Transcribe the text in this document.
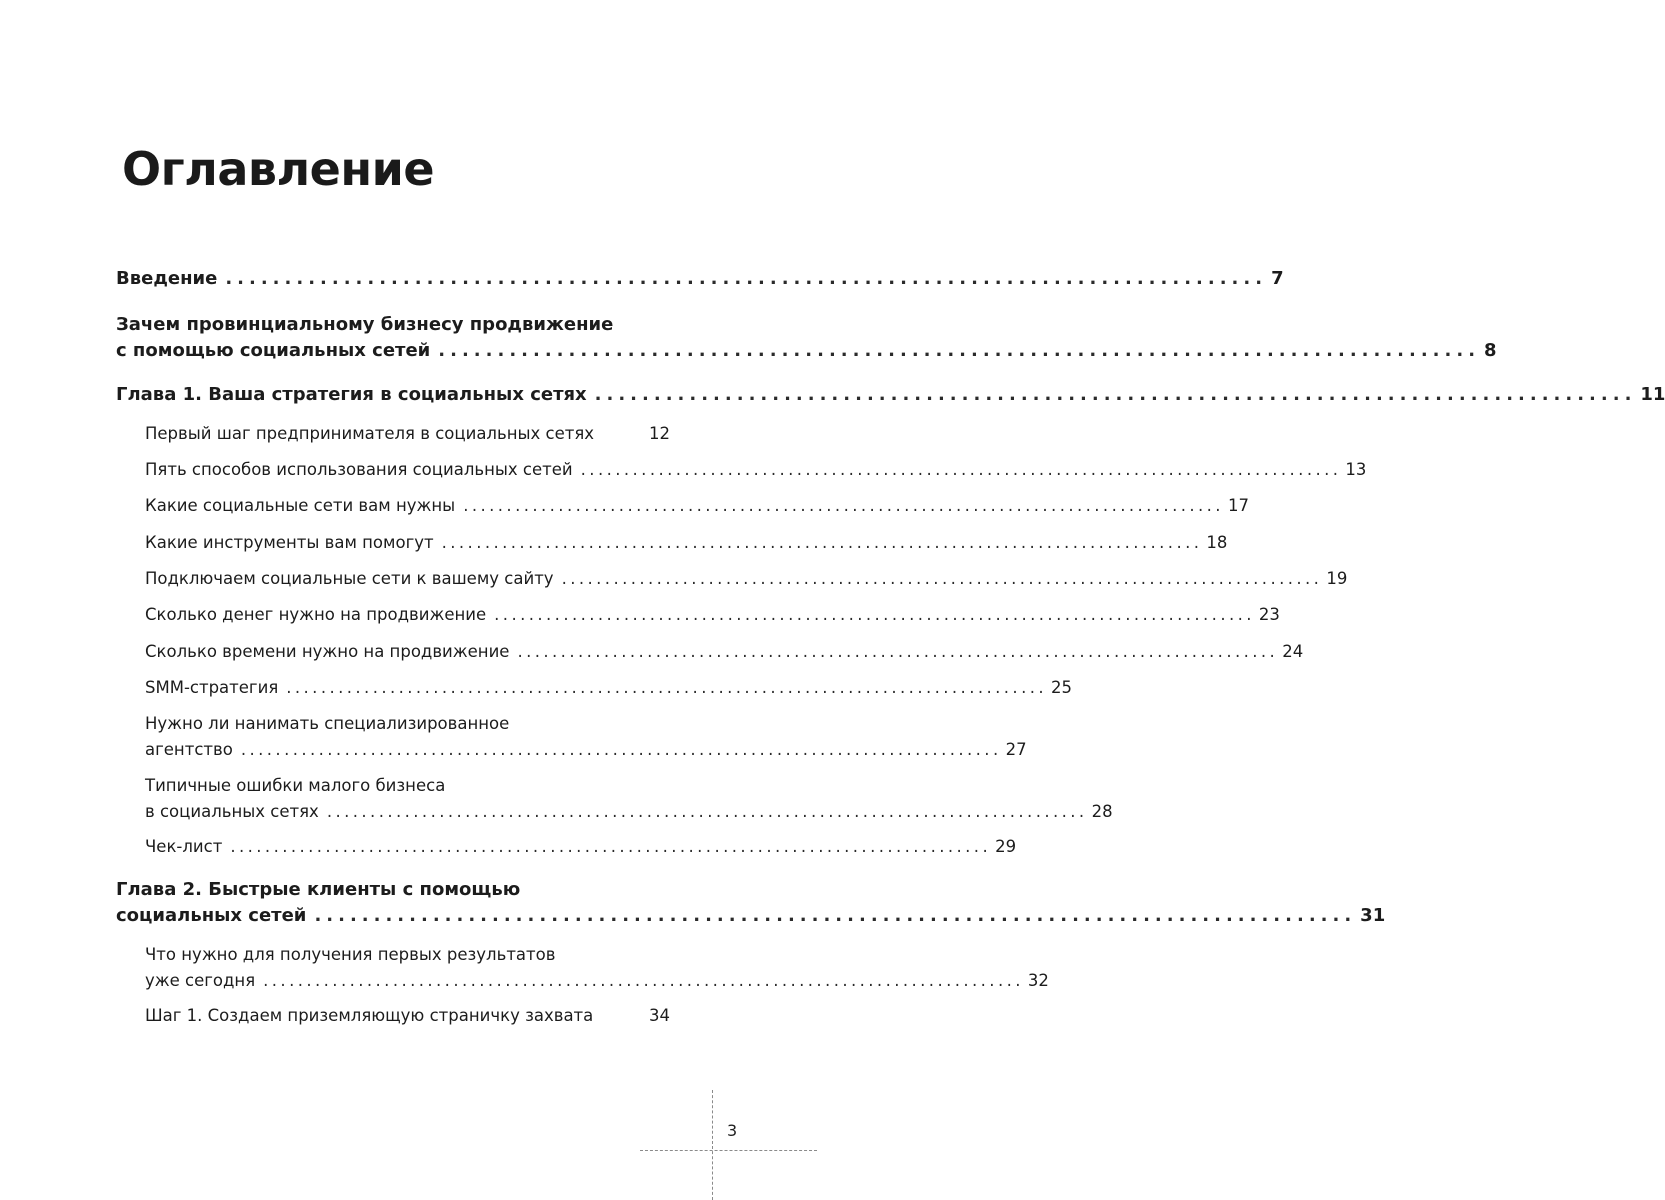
Оглавление
Введение ........................................................................................ 7
Зачем провинциальному бизнесу продвижение
с помощью социальных сетей ........................................................................................ 8
Глава 1. Ваша стратегия в социальных сетях ........................................................................................ 11
Первый шаг предпринимателя в социальных сетях	12
Пять способов использования социальных сетей ........................................................................................ 13
Какие социальные сети вам нужны ........................................................................................ 17
Какие инструменты вам помогут ........................................................................................ 18
Подключаем социальные сети к вашему сайту ........................................................................................ 19
Сколько денег нужно на продвижение ........................................................................................ 23
Сколько времени нужно на продвижение ........................................................................................ 24
SMM-стратегия ........................................................................................ 25
Нужно ли нанимать специализированное
агентство ........................................................................................ 27
Типичные ошибки малого бизнеса
в социальных сетях ........................................................................................ 28
Чек-лист ........................................................................................ 29
Глава 2. Быстрые клиенты с помощью
социальных сетей ........................................................................................ 31
Что нужно для получения первых результатов
уже сегодня ........................................................................................ 32
Шаг 1. Создаем приземляющую страничку захвата	34
3
